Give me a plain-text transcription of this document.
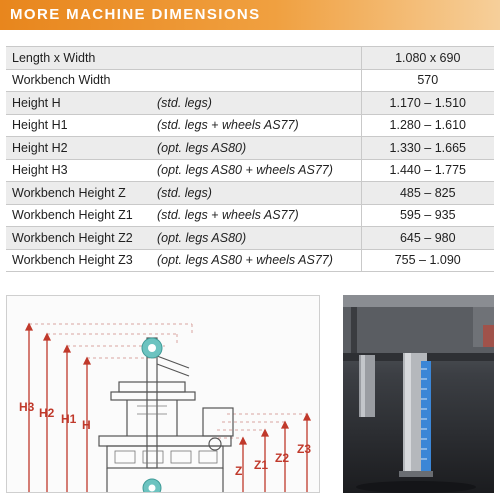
MORE MACHINE DIMENSIONS
Length x Width		1.080 x 690
Workbench Width		570
Height H	(std. legs)	1.170 – 1.510
Height H1	(std. legs + wheels AS77)	1.280 – 1.610
Height H2	(opt. legs AS80)	1.330 – 1.665
Height H3	(opt. legs AS80 + wheels AS77)	1.440 – 1.775
Workbench Height Z	(std. legs)	485 – 825
Workbench Height Z1	(std. legs + wheels AS77)	595 – 935
Workbench Height Z2	(opt. legs AS80)	645 – 980
Workbench Height Z3	(opt. legs AS80 + wheels AS77)	755 – 1.090
H3 H2 H1 H
Z Z1 Z2
Z3
